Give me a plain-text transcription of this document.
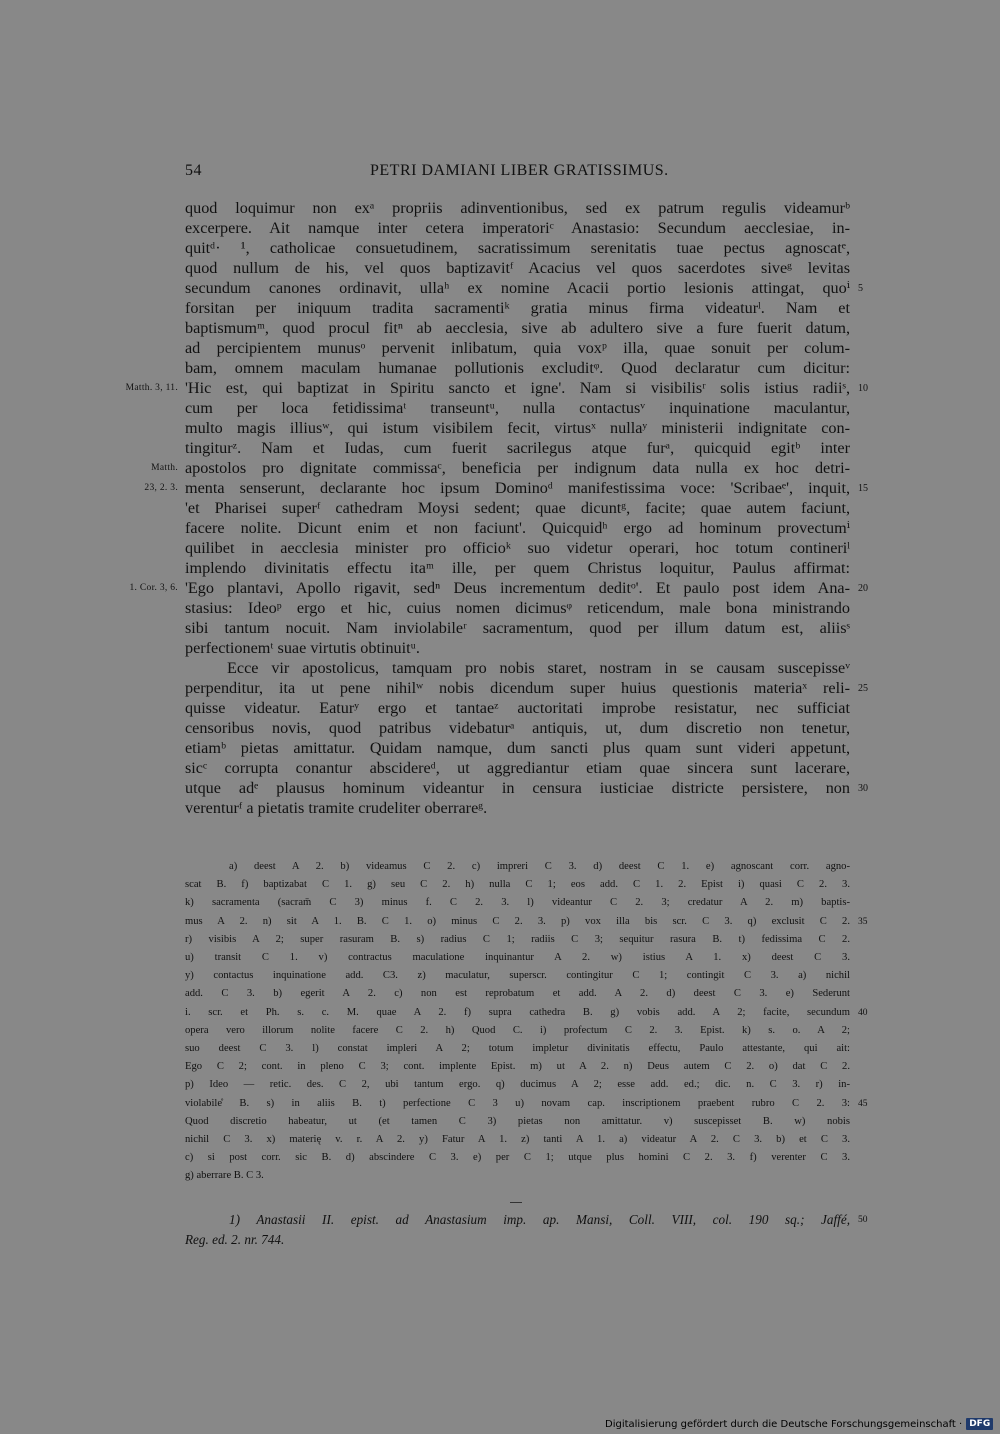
54	PETRI DAMIANI LIBER GRATISSIMUS.
quod loquimur non exᵃ propriis adinventionibus, sed ex patrum regulis videamurᵇ
excerpere. Ait namque inter cetera imperatoriᶜ Anastasio: Secundum aecclesiae, in-
quitᵈ· ¹, catholicae consuetudinem, sacratissimum serenitatis tuae pectus agnoscatᵉ,
quod nullum de his, vel quos baptizavitᶠ Acacius vel quos sacerdotes siveᵍ levitas
secundum canones ordinavit, ullaʰ ex nomine Acacii portio lesionis attingat, quoⁱ
forsitan per iniquum tradita sacramentiᵏ gratia minus firma videaturˡ. Nam et
baptismumᵐ, quod procul fitⁿ ab aecclesia, sive ab adultero sive a fure fuerit datum,
ad percipientem munusᵒ pervenit inlibatum, quia voxᵖ illa, quae sonuit per colum-
bam, omnem maculam humanae pollutionis excluditᵠ. Quod declaratur cum dicitur:
'Hic est, qui baptizat in Spiritu sancto et igne'. Nam si visibilisʳ solis istius radiiˢ,
cum per loca fetidissimaᵗ transeuntᵘ, nulla contactusᵛ inquinatione maculantur,
multo magis illiusʷ, qui istum visibilem fecit, virtusˣ nullaʸ ministerii indignitate con-
tingiturᶻ. Nam et Iudas, cum fuerit sacrilegus atque furᵃ, quicquid egitᵇ inter
apostolos pro dignitate commissaᶜ, beneficia per indignum data nulla ex hoc detri-
menta senserunt, declarante hoc ipsum Dominoᵈ manifestissima voce: 'Scribaeᵉ', inquit,
'et Pharisei superᶠ cathedram Moysi sedent; quae dicuntᵍ, facite; quae autem faciunt,
facere nolite. Dicunt enim et non faciunt'. Quicquidʰ ergo ad hominum provectumⁱ
quilibet in aecclesia minister pro officioᵏ suo videtur operari, hoc totum contineriˡ
implendo divinitatis effectu itaᵐ ille, per quem Christus loquitur, Paulus affirmat:
'Ego plantavi, Apollo rigavit, sedⁿ Deus incrementum deditᵒ'. Et paulo post idem Ana-
stasius: Ideoᵖ ergo et hic, cuius nomen dicimusᵠ reticendum, male bona ministrando
sibi tantum nocuit. Nam inviolabileʳ sacramentum, quod per illum datum est, aliisˢ
perfectionemᵗ suae virtutis obtinuitᵘ.
Ecce vir apostolicus, tamquam pro nobis staret, nostram in se causam suscepisseᵛ
perpenditur, ita ut pene nihilʷ nobis dicendum super huius questionis materiaˣ reli-
quisse videatur. Eaturʸ ergo et tantaeᶻ auctoritati improbe resistatur, nec sufficiat
censoribus novis, quod patribus videbaturᵃ antiquis, ut, dum discretio non tenetur,
etiamᵇ pietas amittatur. Quidam namque, dum sancti plus quam sunt videri appetunt,
sicᶜ corrupta conantur abscidereᵈ, ut aggrediantur etiam quae sincera sunt lacerare,
utque adᵉ plausus hominum videantur in censura iusticiae districte persistere, non
verenturᶠ a pietatis tramite crudeliter oberrareᵍ.
Matth. 3, 11.
Matth.
23, 2. 3.
1. Cor. 3, 6.
5
10
15
20
25
30
a) deest A 2. b) videamus C 2. c) impreri C 3. d) deest C 1. e) agnoscant corr. agno-
scat B. f) baptizabat C 1. g) seu C 2. h) nulla C 1; eos add. C 1. 2. Epist i) quasi C 2. 3.
k) sacramenta (sacram̄ C 3) minus f. C 2. 3. l) videantur C 2. 3; credatur A 2. m) baptis-
mus A 2. n) sit A 1. B. C 1. o) minus C 2. 3. p) vox illa bis scr. C 3. q) exclusit C 2.
r) visibis A 2; super rasuram B. s) radius C 1; radiis C 3; sequitur rasura B. t) fedissima C 2.
u) transit C 1. v) contractus maculatione inquinantur A 2. w) istius A 1. x) deest C 3.
y) contactus inquinatione add. C3. z) maculatur, superscr. contingitur C 1; contingit C 3. a) nichil
add. C 3. b) egerit A 2. c) non est reprobatum et add. A 2. d) deest C 3. e) Sederunt
i. scr. et Ph. s. c. M. quae A 2. f) supra cathedra B. g) vobis add. A 2; facite, secundum
opera vero illorum nolite facere C 2. h) Quod C. i) profectum C 2. 3. Epist. k) s. o. A 2;
suo deest C 3. l) constat impleri A 2; totum impletur divinitatis effectu, Paulo attestante, qui ait:
Ego C 2; cont. in pleno C 3; cont. implente Epist. m) ut A 2. n) Deus autem C 2. o) dat C 2.
p) Ideo — retic. des. C 2, ubi tantum ergo. q) ducimus A 2; esse add. ed.; dic. n. C 3. r) in-
violabile̊ B. s) in aliis B. t) perfectione C 3 u) novam cap. inscriptionem praebent rubro C 2. 3:
Quod discretio habeatur, ut (et tamen C 3) pietas non amittatur. v) suscepisset B. w) nobis
nichil C 3. x) materię v. r. A 2. y) Fatur A 1. z) tanti A 1. a) videatur A 2. C 3. b) et C 3.
c) si post corr. sic B. d) abscindere C 3. e) per C 1; utque plus homini C 2. 3. f) verenter C 3.
g) aberrare B. C 3.
35
40
45
1) Anastasii II. epist. ad Anastasium imp. ap. Mansi, Coll. VIII, col. 190 sq.; Jaffé,
Reg. ed. 2. nr. 744.
50
Digitalisierung gefördert durch die Deutsche Forschungsgemeinschaft · DFG
